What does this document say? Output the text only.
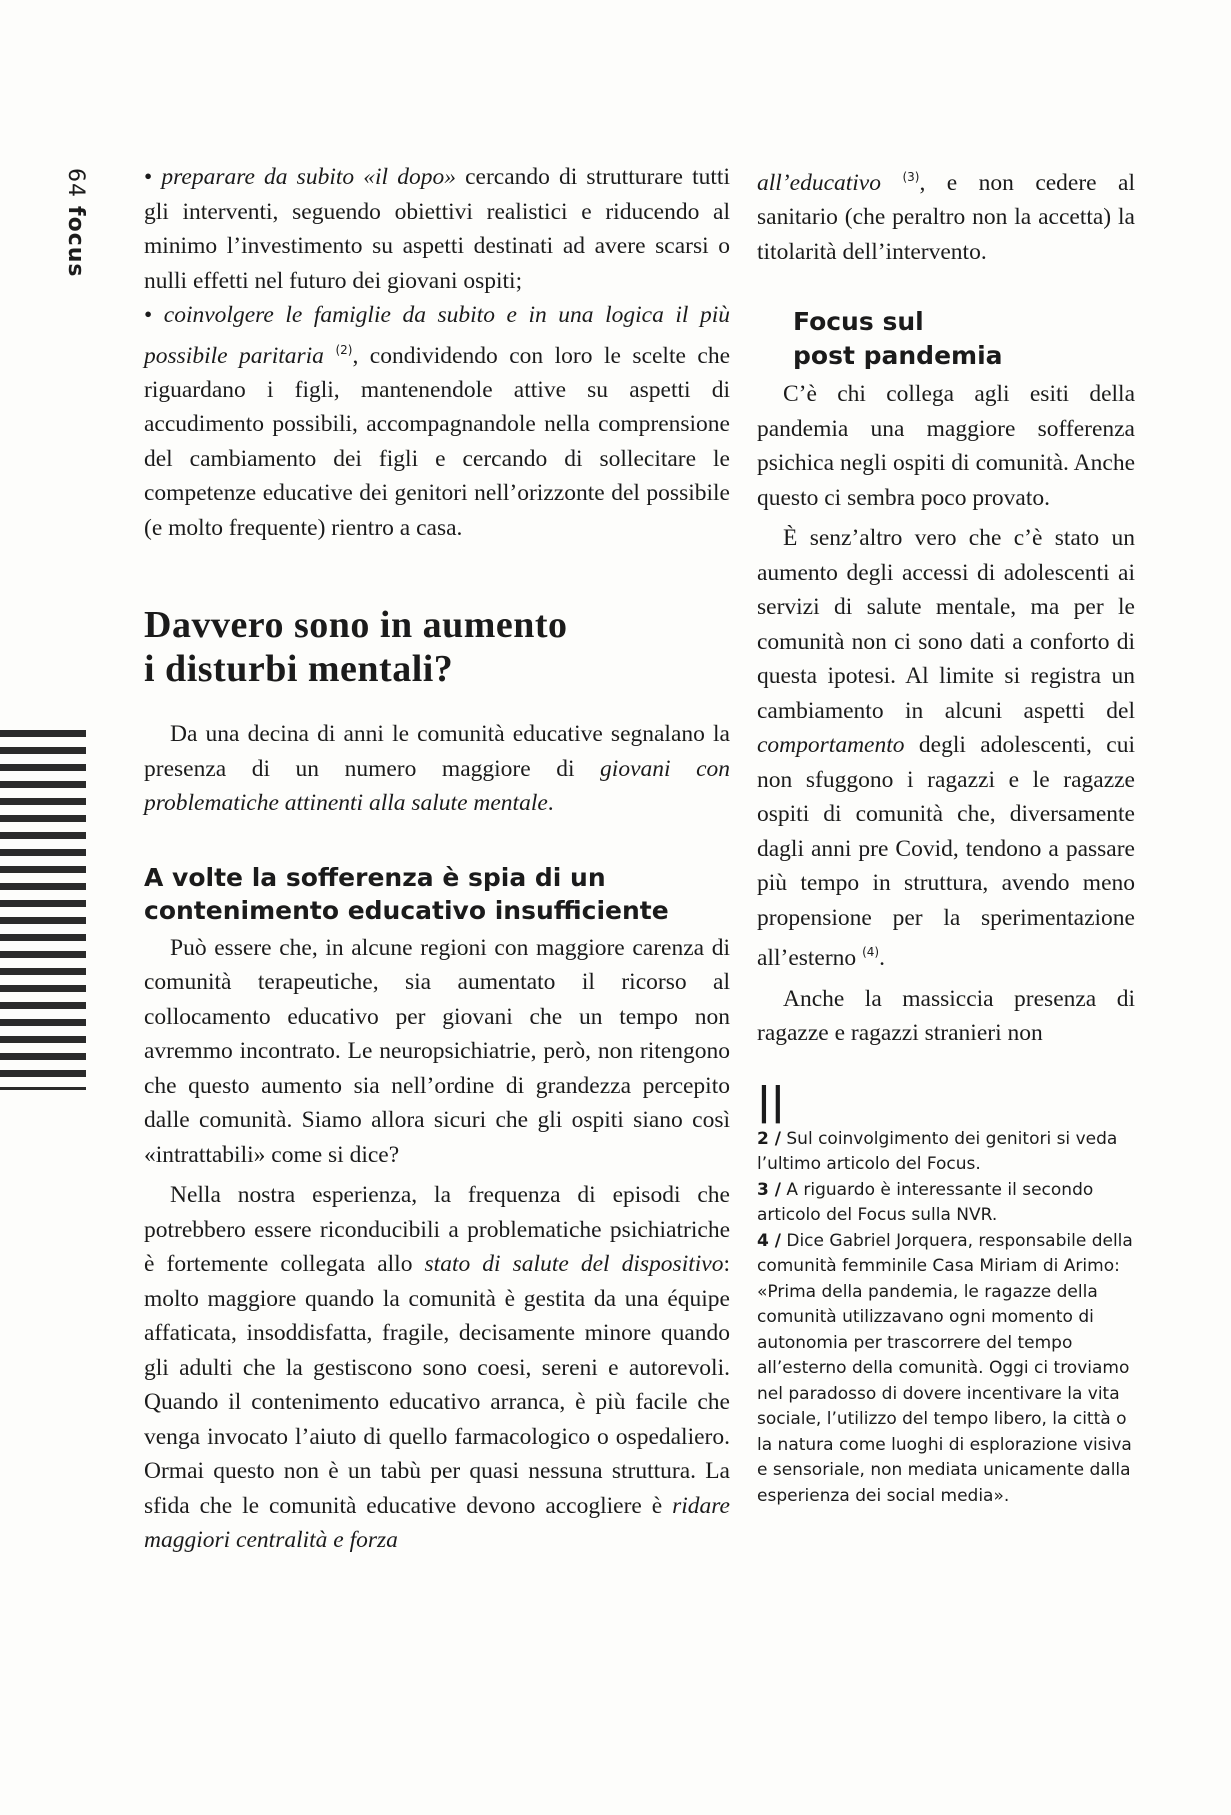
64focus

• preparare da subito «il dopo» cercando di strutturare tutti gli interventi, seguendo obiettivi realistici e riducendo al minimo l’investimento su aspetti destinati ad avere scarsi o nulli effetti nel futuro dei giovani ospiti;

• coinvolgere le famiglie da subito e in una logica il più possibile paritaria $^{(2)}$, condividendo con loro le scelte che riguardano i figli, mantenendole attive su aspetti di accudimento possibili, accompagnandole nella comprensione del cambiamento dei figli e cercando di sollecitare le competenze educative dei genitori nell’orizzonte del possibile (e molto frequente) rientro a casa.

Davvero sono in aumento
i disturbi mentali?

Da una decina di anni le comunità educative segnalano la presenza di un numero maggiore di giovani con problematiche attinenti alla salute mentale.

A volte la sofferenza è spia di un
contenimento educativo insufficiente

Può essere che, in alcune regioni con maggiore carenza di comunità terapeutiche, sia aumentato il ricorso al collocamento educativo per giovani che un tempo non avremmo incontrato. Le neuropsichiatrie, però, non ritengono che questo aumento sia nell’ordine di grandezza percepito dalle comunità. Siamo allora sicuri che gli ospiti siano così «intrattabili» come si dice?

Nella nostra esperienza, la frequenza di episodi che potrebbero essere riconducibili a problematiche psichiatriche è fortemente collegata allo stato di salute del dispositivo: molto maggiore quando la comunità è gestita da una équipe affaticata, insoddisfatta, fragile, decisamente minore quando gli adulti che la gestiscono sono coesi, sereni e autorevoli. Quando il contenimento educativo arranca, è più facile che venga invocato l’aiuto di quello farmacologico o ospedaliero. Ormai questo non è un tabù per quasi nessuna struttura. La sfida che le comunità educative devono accogliere è ridare maggiori centralità e forza

all’educativo $^{(3)}$, e non cedere al sanitario (che peraltro non la accetta) la titolarità dell’intervento.

Focus sul
post pandemia

C’è chi collega agli esiti della pandemia una maggiore sofferenza psichica negli ospiti di comunità. Anche questo ci sembra poco provato.

È senz’altro vero che c’è stato un aumento degli accessi di adolescenti ai servizi di salute mentale, ma per le comunità non ci sono dati a conforto di questa ipotesi. Al limite si registra un cambiamento in alcuni aspetti del comportamento degli adolescenti, cui non sfuggono i ragazzi e le ragazze ospiti di comunità che, diversamente dagli anni pre Covid, tendono a passare più tempo in struttura, avendo meno propensione per la sperimentazione all’esterno $^{(4)}$.

Anche la massiccia presenza di ragazze e ragazzi stranieri non

||

2 / Sul coinvolgimento dei genitori si veda l’ultimo articolo del Focus.

3 / A riguardo è interessante il secondo articolo del Focus sulla NVR.

4 / Dice Gabriel Jorquera, responsabile della comunità femminile Casa Miriam di Arimo: «Prima della pandemia, le ragazze della comunità utilizzavano ogni momento di autonomia per trascorrere del tempo all’esterno della comunità. Oggi ci troviamo nel paradosso di dovere incentivare la vita sociale, l’utilizzo del tempo libero, la città o la natura come luoghi di esplorazione visiva e sensoriale, non mediata unicamente dalla esperienza dei social media».
